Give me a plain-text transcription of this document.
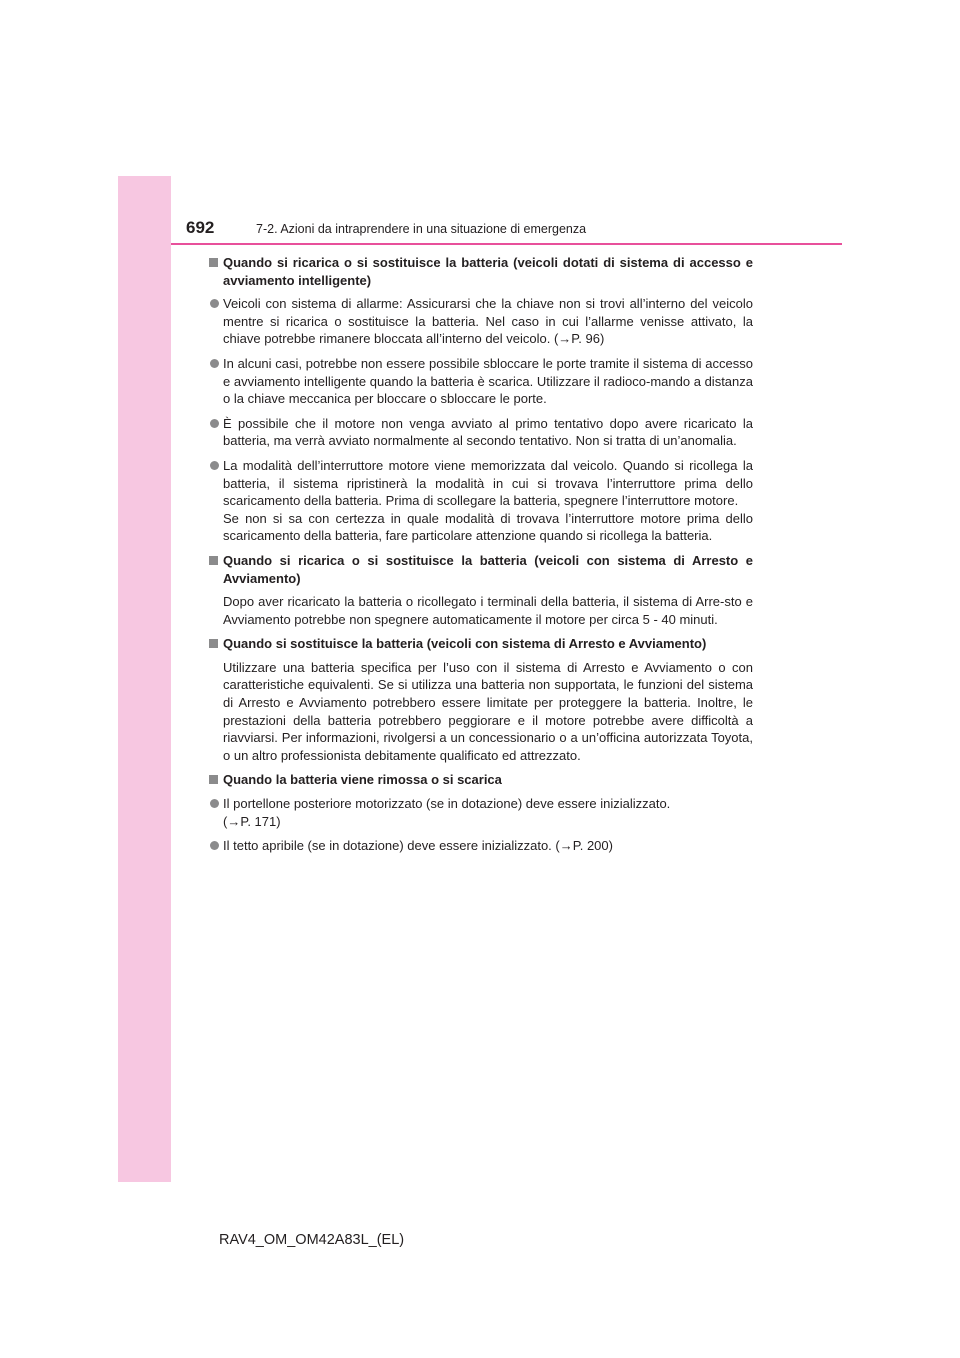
692	7-2. Azioni da intraprendere in una situazione di emergenza
Quando si ricarica o si sostituisce la batteria (veicoli dotati di sistema di accesso e avviamento intelligente)
Veicoli con sistema di allarme: Assicurarsi che la chiave non si trovi all’interno del veicolo mentre si ricarica o sostituisce la batteria. Nel caso in cui l’allarme venisse attivato, la chiave potrebbe rimanere bloccata all’interno del veicolo. (→P. 96)
In alcuni casi, potrebbe non essere possibile sbloccare le porte tramite il sistema di accesso e avviamento intelligente quando la batteria è scarica. Utilizzare il radioco-mando a distanza o la chiave meccanica per bloccare o sbloccare le porte.
È possibile che il motore non venga avviato al primo tentativo dopo avere ricaricato la batteria, ma verrà avviato normalmente al secondo tentativo. Non si tratta di un’anomalia.
La modalità dell’interruttore motore viene memorizzata dal veicolo. Quando si ricollega la batteria, il sistema ripristinerà la modalità in cui si trovava l’interruttore prima dello scaricamento della batteria. Prima di scollegare la batteria, spegnere l’interruttore motore.
Se non si sa con certezza in quale modalità di trovava l’interruttore motore prima dello scaricamento della batteria, fare particolare attenzione quando si ricollega la batteria.
Quando si ricarica o si sostituisce la batteria (veicoli con sistema di Arresto e Avviamento)
Dopo aver ricaricato la batteria o ricollegato i terminali della batteria, il sistema di Arre-sto e Avviamento potrebbe non spegnere automaticamente il motore per circa 5 - 40 minuti.
Quando si sostituisce la batteria (veicoli con sistema di Arresto e Avviamento)
Utilizzare una batteria specifica per l’uso con il sistema di Arresto e Avviamento o con caratteristiche equivalenti. Se si utilizza una batteria non supportata, le funzioni del sistema di Arresto e Avviamento potrebbero essere limitate per proteggere la batteria. Inoltre, le prestazioni della batteria potrebbero peggiorare e il motore potrebbe avere difficoltà a riavviarsi. Per informazioni, rivolgersi a un concessionario o a un’officina autorizzata Toyota, o un altro professionista debitamente qualificato ed attrezzato.
Quando la batteria viene rimossa o si scarica
Il portellone posteriore motorizzato (se in dotazione) deve essere inizializzato.
(→P. 171)
Il tetto apribile (se in dotazione) deve essere inizializzato. (→P. 200)
RAV4_OM_OM42A83L_(EL)
